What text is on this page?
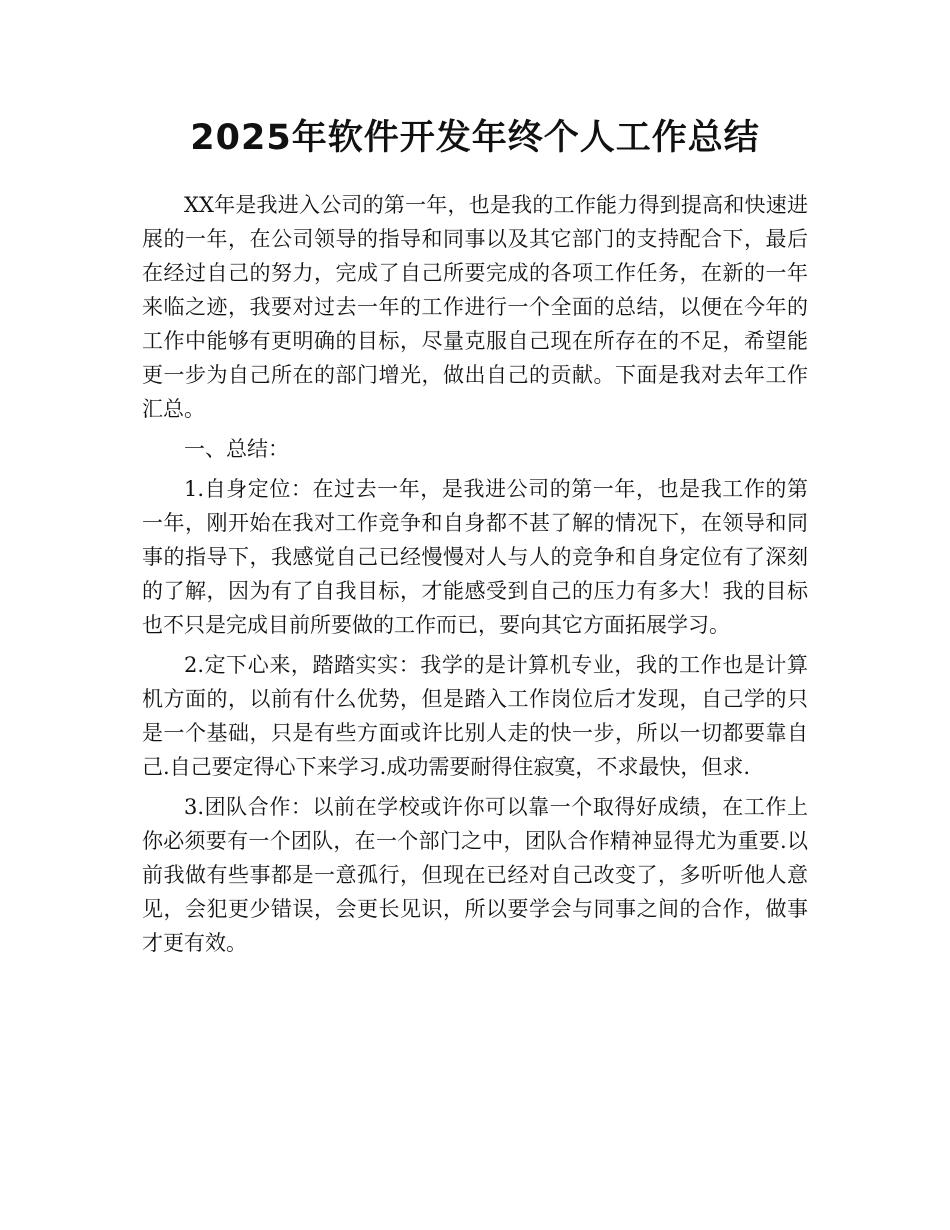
2025年软件开发年终个人工作总结

XX年是我进入公司的第一年，也是我的工作能力得到提高和快速进展的一年，在公司领导的指导和同事以及其它部门的支持配合下，最后在经过自己的努力，完成了自己所要完成的各项工作任务，在新的一年来临之迹，我要对过去一年的工作进行一个全面的总结，以便在今年的工作中能够有更明确的目标，尽量克服自己现在所存在的不足，希望能更一步为自己所在的部门增光，做出自己的贡献。下面是我对去年工作汇总。

一、总结：

1.自身定位：在过去一年，是我进公司的第一年，也是我工作的第一年，刚开始在我对工作竞争和自身都不甚了解的情况下，在领导和同事的指导下，我感觉自己已经慢慢对人与人的竞争和自身定位有了深刻的了解，因为有了自我目标，才能感受到自己的压力有多大！我的目标也不只是完成目前所要做的工作而已，要向其它方面拓展学习。

2.定下心来，踏踏实实：我学的是计算机专业，我的工作也是计算机方面的，以前有什么优势，但是踏入工作岗位后才发现，自己学的只是一个基础，只是有些方面或许比别人走的快一步，所以一切都要靠自己.自己要定得心下来学习.成功需要耐得住寂寞，不求最快，但求.

3.团队合作：以前在学校或许你可以靠一个取得好成绩，在工作上你必须要有一个团队，在一个部门之中，团队合作精神显得尤为重要.以前我做有些事都是一意孤行，但现在已经对自己改变了，多听听他人意见，会犯更少错误，会更长见识，所以要学会与同事之间的合作，做事才更有效。
